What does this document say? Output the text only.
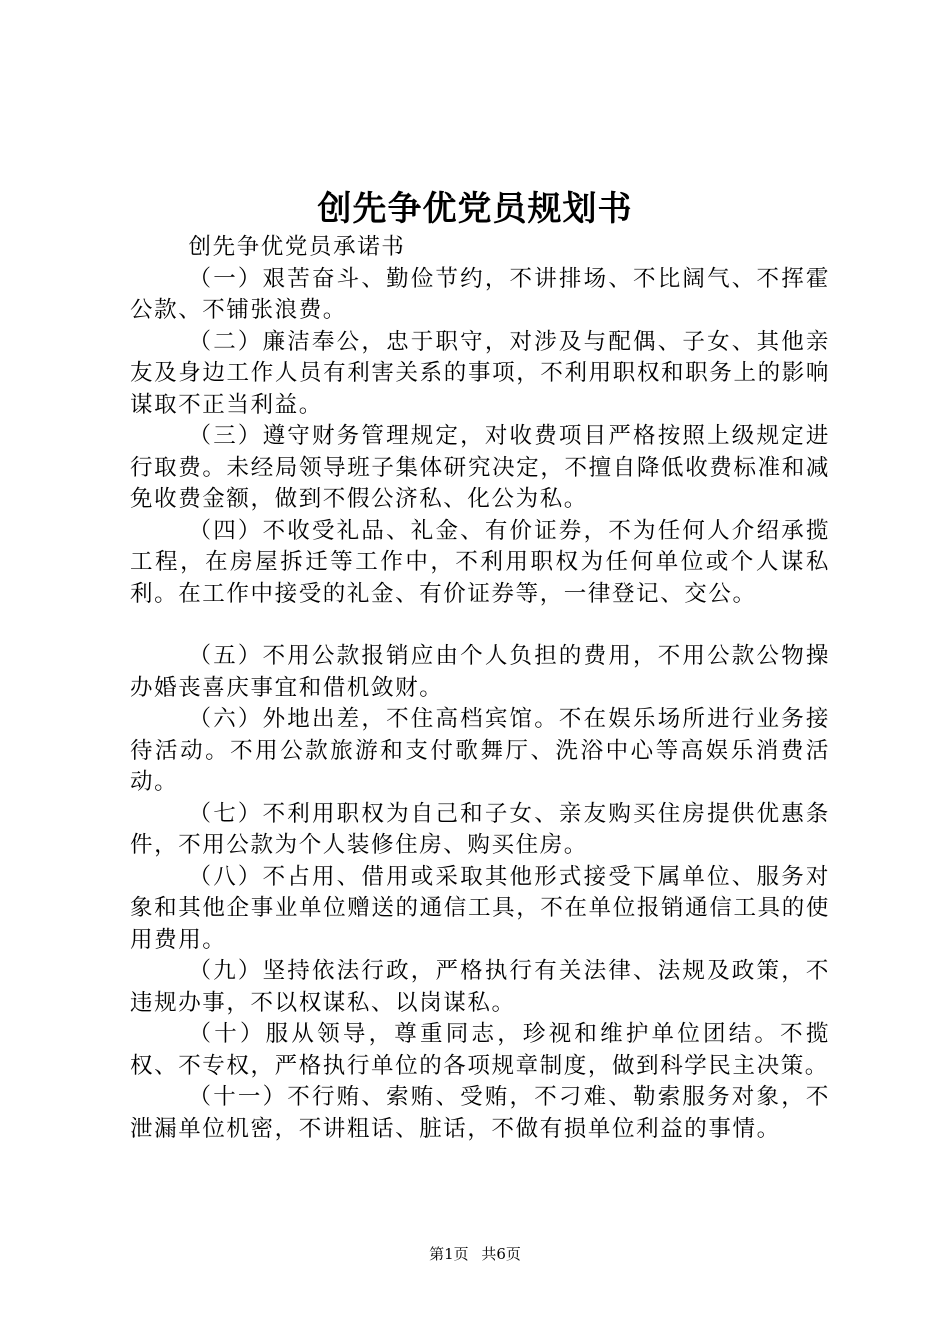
创先争优党员规划书

创先争优党员承诺书

（一）艰苦奋斗、勤俭节约，不讲排场、不比阔气、不挥霍公款、不铺张浪费。

（二）廉洁奉公，忠于职守，对涉及与配偶、子女、其他亲友及身边工作人员有利害关系的事项，不利用职权和职务上的影响谋取不正当利益。

（三）遵守财务管理规定，对收费项目严格按照上级规定进行取费。未经局领导班子集体研究决定，不擅自降低收费标准和减免收费金额，做到不假公济私、化公为私。

（四）不收受礼品、礼金、有价证券，不为任何人介绍承揽工程，在房屋拆迁等工作中，不利用职权为任何单位或个人谋私利。在工作中接受的礼金、有价证券等，一律登记、交公。

（五）不用公款报销应由个人负担的费用，不用公款公物操办婚丧喜庆事宜和借机敛财。

（六）外地出差，不住高档宾馆。不在娱乐场所进行业务接待活动。不用公款旅游和支付歌舞厅、洗浴中心等高娱乐消费活动。

（七）不利用职权为自己和子女、亲友购买住房提供优惠条件，不用公款为个人装修住房、购买住房。

（八）不占用、借用或采取其他形式接受下属单位、服务对象和其他企事业单位赠送的通信工具，不在单位报销通信工具的使用费用。

（九）坚持依法行政，严格执行有关法律、法规及政策，不违规办事，不以权谋私、以岗谋私。

（十）服从领导，尊重同志，珍视和维护单位团结。不揽权、不专权，严格执行单位的各项规章制度，做到科学民主决策。

（十一）不行贿、索贿、受贿，不刁难、勒索服务对象，不泄漏单位机密，不讲粗话、脏话，不做有损单位利益的事情。

第1页 共6页
